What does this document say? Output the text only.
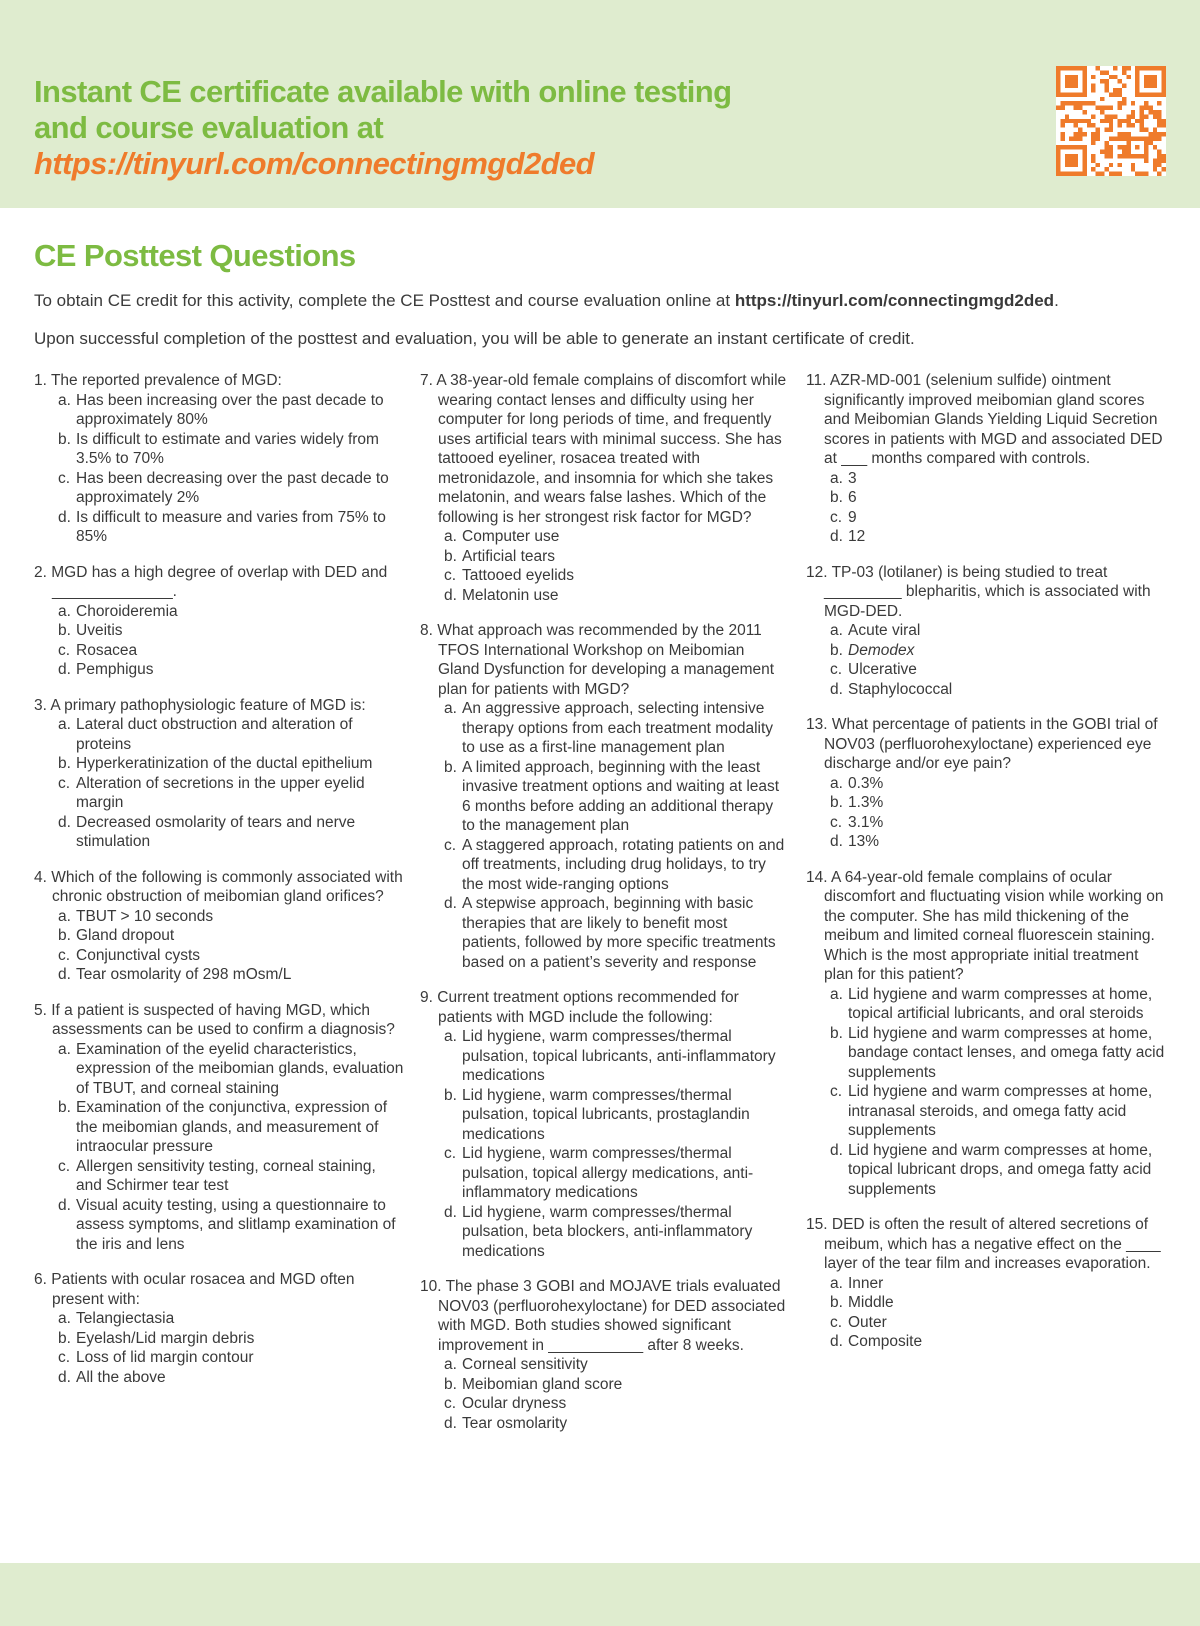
Instant CE certificate available with online testing
and course evaluation at
https://tinyurl.com/connectingmgd2ded
CE Posttest Questions
To obtain CE credit for this activity, complete the CE Posttest and course evaluation online at https://tinyurl.com/connectingmgd2ded.
Upon successful completion of the posttest and evaluation, you will be able to generate an instant certificate of credit.
1. The reported prevalence of MGD:
a. Has been increasing over the past decade to approximately 80%
b. Is difficult to estimate and varies widely from 3.5% to 70%
c. Has been decreasing over the past decade to approximately 2%
d. Is difficult to measure and varies from 75% to 85%
2. MGD has a high degree of overlap with DED and ______________.
a. Choroideremia
b. Uveitis
c. Rosacea
d. Pemphigus
3. A primary pathophysiologic feature of MGD is:
a. Lateral duct obstruction and alteration of proteins
b. Hyperkeratinization of the ductal epithelium
c. Alteration of secretions in the upper eyelid margin
d. Decreased osmolarity of tears and nerve stimulation
4. Which of the following is commonly associated with chronic obstruction of meibomian gland orifices?
a. TBUT > 10 seconds
b. Gland dropout
c. Conjunctival cysts
d. Tear osmolarity of 298 mOsm/L
5. If a patient is suspected of having MGD, which assessments can be used to confirm a diagnosis?
a. Examination of the eyelid characteristics, expression of the meibomian glands, evaluation of TBUT, and corneal staining
b. Examination of the conjunctiva, expression of the meibomian glands, and measurement of intraocular pressure
c. Allergen sensitivity testing, corneal staining, and Schirmer tear test
d. Visual acuity testing, using a questionnaire to assess symptoms, and slitlamp examination of the iris and lens
6. Patients with ocular rosacea and MGD often present with:
a. Telangiectasia
b. Eyelash/Lid margin debris
c. Loss of lid margin contour
d. All the above
7. A 38-year-old female complains of discomfort while wearing contact lenses and difficulty using her computer for long periods of time, and frequently uses artificial tears with minimal success. She has tattooed eyeliner, rosacea treated with metronidazole, and insomnia for which she takes melatonin, and wears false lashes. Which of the following is her strongest risk factor for MGD?
a. Computer use
b. Artificial tears
c. Tattooed eyelids
d. Melatonin use
8. What approach was recommended by the 2011 TFOS International Workshop on Meibomian Gland Dysfunction for developing a management plan for patients with MGD?
a. An aggressive approach, selecting intensive therapy options from each treatment modality to use as a first-line management plan
b. A limited approach, beginning with the least invasive treatment options and waiting at least 6 months before adding an additional therapy to the management plan
c. A staggered approach, rotating patients on and off treatments, including drug holidays, to try the most wide-ranging options
d. A stepwise approach, beginning with basic therapies that are likely to benefit most patients, followed by more specific treatments based on a patient’s severity and response
9. Current treatment options recommended for patients with MGD include the following:
a. Lid hygiene, warm compresses/thermal pulsation, topical lubricants, anti-inflammatory medications
b. Lid hygiene, warm compresses/thermal pulsation, topical lubricants, prostaglandin medications
c. Lid hygiene, warm compresses/thermal pulsation, topical allergy medications, anti-inflammatory medications
d. Lid hygiene, warm compresses/thermal pulsation, beta blockers, anti-inflammatory medications
10. The phase 3 GOBI and MOJAVE trials evaluated NOV03 (perfluorohexyloctane) for DED associated with MGD. Both studies showed significant improvement in ___________ after 8 weeks.
a. Corneal sensitivity
b. Meibomian gland score
c. Ocular dryness
d. Tear osmolarity
11. AZR-MD-001 (selenium sulfide) ointment significantly improved meibomian gland scores and Meibomian Glands Yielding Liquid Secretion scores in patients with MGD and associated DED at ___ months compared with controls.
a. 3
b. 6
c. 9
d. 12
12. TP-03 (lotilaner) is being studied to treat _________ blepharitis, which is associated with MGD-DED.
a. Acute viral
b. Demodex
c. Ulcerative
d. Staphylococcal
13. What percentage of patients in the GOBI trial of NOV03 (perfluorohexyloctane) experienced eye discharge and/or eye pain?
a. 0.3%
b. 1.3%
c. 3.1%
d. 13%
14. A 64-year-old female complains of ocular discomfort and fluctuating vision while working on the computer. She has mild thickening of the meibum and limited corneal fluorescein staining. Which is the most appropriate initial treatment plan for this patient?
a. Lid hygiene and warm compresses at home, topical artificial lubricants, and oral steroids
b. Lid hygiene and warm compresses at home, bandage contact lenses, and omega fatty acid supplements
c. Lid hygiene and warm compresses at home, intranasal steroids, and omega fatty acid supplements
d. Lid hygiene and warm compresses at home, topical lubricant drops, and omega fatty acid supplements
15. DED is often the result of altered secretions of meibum, which has a negative effect on the ____ layer of the tear film and increases evaporation.
a. Inner
b. Middle
c. Outer
d. Composite
